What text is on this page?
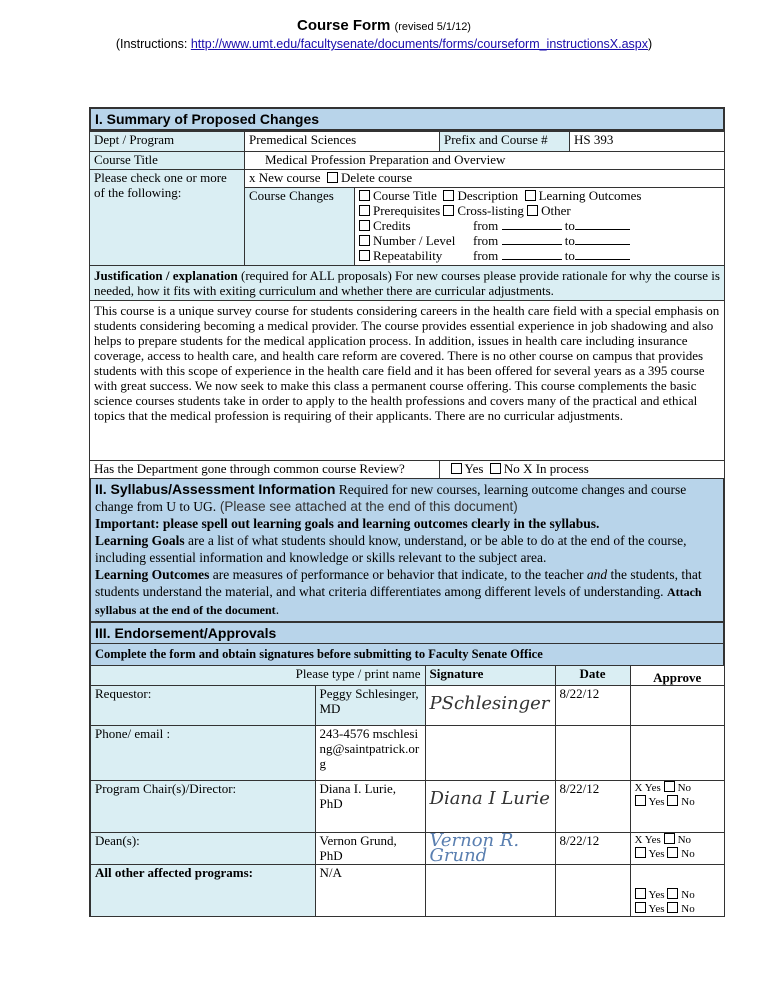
Course Form (revised 5/1/12)
(Instructions: http://www.umt.edu/facultysenate/documents/forms/courseform_instructionsX.aspx)
I. Summary of Proposed Changes
Dept / Program	Premedical Sciences		Prefix and Course #	HS 393
Course Title	Medical Profession Preparation and Overview			
Please check one or more of the following:	x New course Delete course			
	Course Changes	Course Title Description Learning Outcomes
Prerequisites Cross-listing Other
Credits from to
Number / Level from to
Repeatability from to		

Justification / explanation (required for ALL proposals) For new courses please provide rationale for why the course is needed, how it fits with exiting curriculum and whether there are curricular adjustments.				
This course is a unique survey course for students considering careers in the health care field with a special emphasis on students considering becoming a medical provider. The course provides essential experience in job shadowing and also helps to prepare students for the medical application process. In addition, issues in health care including insurance coverage, access to health care, and health care reform are covered. There is no other course on campus that provides students with this scope of experience in the health care field and it has been offered for several years as a 395 course with great success. We now seek to make this class a permanent course offering. This course complements the basic science courses students take in order to apply to the health professions and covers many of the practical and ethical topics that the medical profession is requiring of their applicants. There are no curricular adjustments.				
Has the Department gone through common course Review?			Yes No X In process	
II. Syllabus/Assessment Information Required for new courses, learning outcome changes and course change from U to UG. (Please see attached at the end of this document)
Important: please spell out learning goals and learning outcomes clearly in the syllabus.
Learning Goals are a list of what students should know, understand, or be able to do at the end of the course, including essential information and knowledge or skills relevant to the subject area.
Learning Outcomes are measures of performance or behavior that indicate, to the teacher and the students, that students understand the material, and what criteria differentiates among different levels of understanding. Attach syllabus at the end of the document.
III. Endorsement/Approvals
Complete the form and obtain signatures before submitting to Faculty Senate Office
Please type / print name		Signature	Date	Approve
Requestor:	Peggy Schlesinger, MD	PSchlesinger	8/22/12	
Phone/ email :	243-4576 mschlesing@saintpatrick.org			
Program Chair(s)/Director:	Diana I. Lurie, PhD	Diana I Lurie	8/22/12	X Yes No
Yes No
Dean(s):	Vernon Grund, PhD	Vernon R. Grund	8/22/12	X Yes No
Yes No
All other affected programs:	N/A			Yes No
Yes No
